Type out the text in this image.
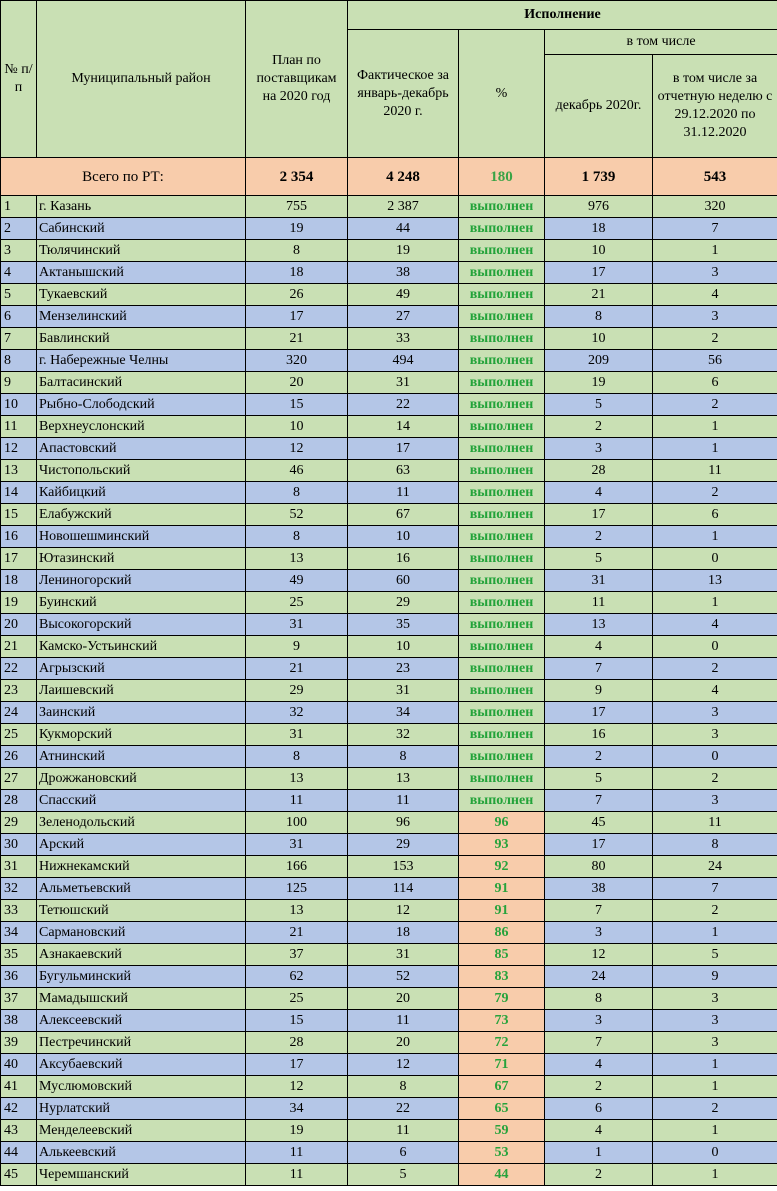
№ п/п	Муниципальный район	План по поставщикам на 2020 год	Исполнение			
			Фактическое за январь-декабрь 2020 г.	%	в том числе	
					декабрь 2020г.	в том числе за отчетную неделю с 29.12.2020 по 31.12.2020
Всего по РТ:		2 354	4 248	180	1 739	543
1	г. Казань	755	2 387	выполнен	976	320
2	Сабинский	19	44	выполнен	18	7
3	Тюлячинский	8	19	выполнен	10	1
4	Актанышский	18	38	выполнен	17	3
5	Тукаевский	26	49	выполнен	21	4
6	Мензелинский	17	27	выполнен	8	3
7	Бавлинский	21	33	выполнен	10	2
8	г. Набережные Челны	320	494	выполнен	209	56
9	Балтасинский	20	31	выполнен	19	6
10	Рыбно-Слободский	15	22	выполнен	5	2
11	Верхнеуслонский	10	14	выполнен	2	1
12	Апастовский	12	17	выполнен	3	1
13	Чистопольский	46	63	выполнен	28	11
14	Кайбицкий	8	11	выполнен	4	2
15	Елабужский	52	67	выполнен	17	6
16	Новошешминский	8	10	выполнен	2	1
17	Ютазинский	13	16	выполнен	5	0
18	Лениногорский	49	60	выполнен	31	13
19	Буинский	25	29	выполнен	11	1
20	Высокогорский	31	35	выполнен	13	4
21	Камско-Устьинский	9	10	выполнен	4	0
22	Агрызский	21	23	выполнен	7	2
23	Лаишевский	29	31	выполнен	9	4
24	Заинский	32	34	выполнен	17	3
25	Кукморский	31	32	выполнен	16	3
26	Атнинский	8	8	выполнен	2	0
27	Дрожжановский	13	13	выполнен	5	2
28	Спасский	11	11	выполнен	7	3
29	Зеленодольский	100	96	96	45	11
30	Арский	31	29	93	17	8
31	Нижнекамский	166	153	92	80	24
32	Альметьевский	125	114	91	38	7
33	Тетюшский	13	12	91	7	2
34	Сармановский	21	18	86	3	1
35	Азнакаевский	37	31	85	12	5
36	Бугульминский	62	52	83	24	9
37	Мамадышский	25	20	79	8	3
38	Алексеевский	15	11	73	3	3
39	Пестречинский	28	20	72	7	3
40	Аксубаевский	17	12	71	4	1
41	Муслюмовский	12	8	67	2	1
42	Нурлатский	34	22	65	6	2
43	Менделеевский	19	11	59	4	1
44	Алькеевский	11	6	53	1	0
45	Черемшанский	11	5	44	2	1
